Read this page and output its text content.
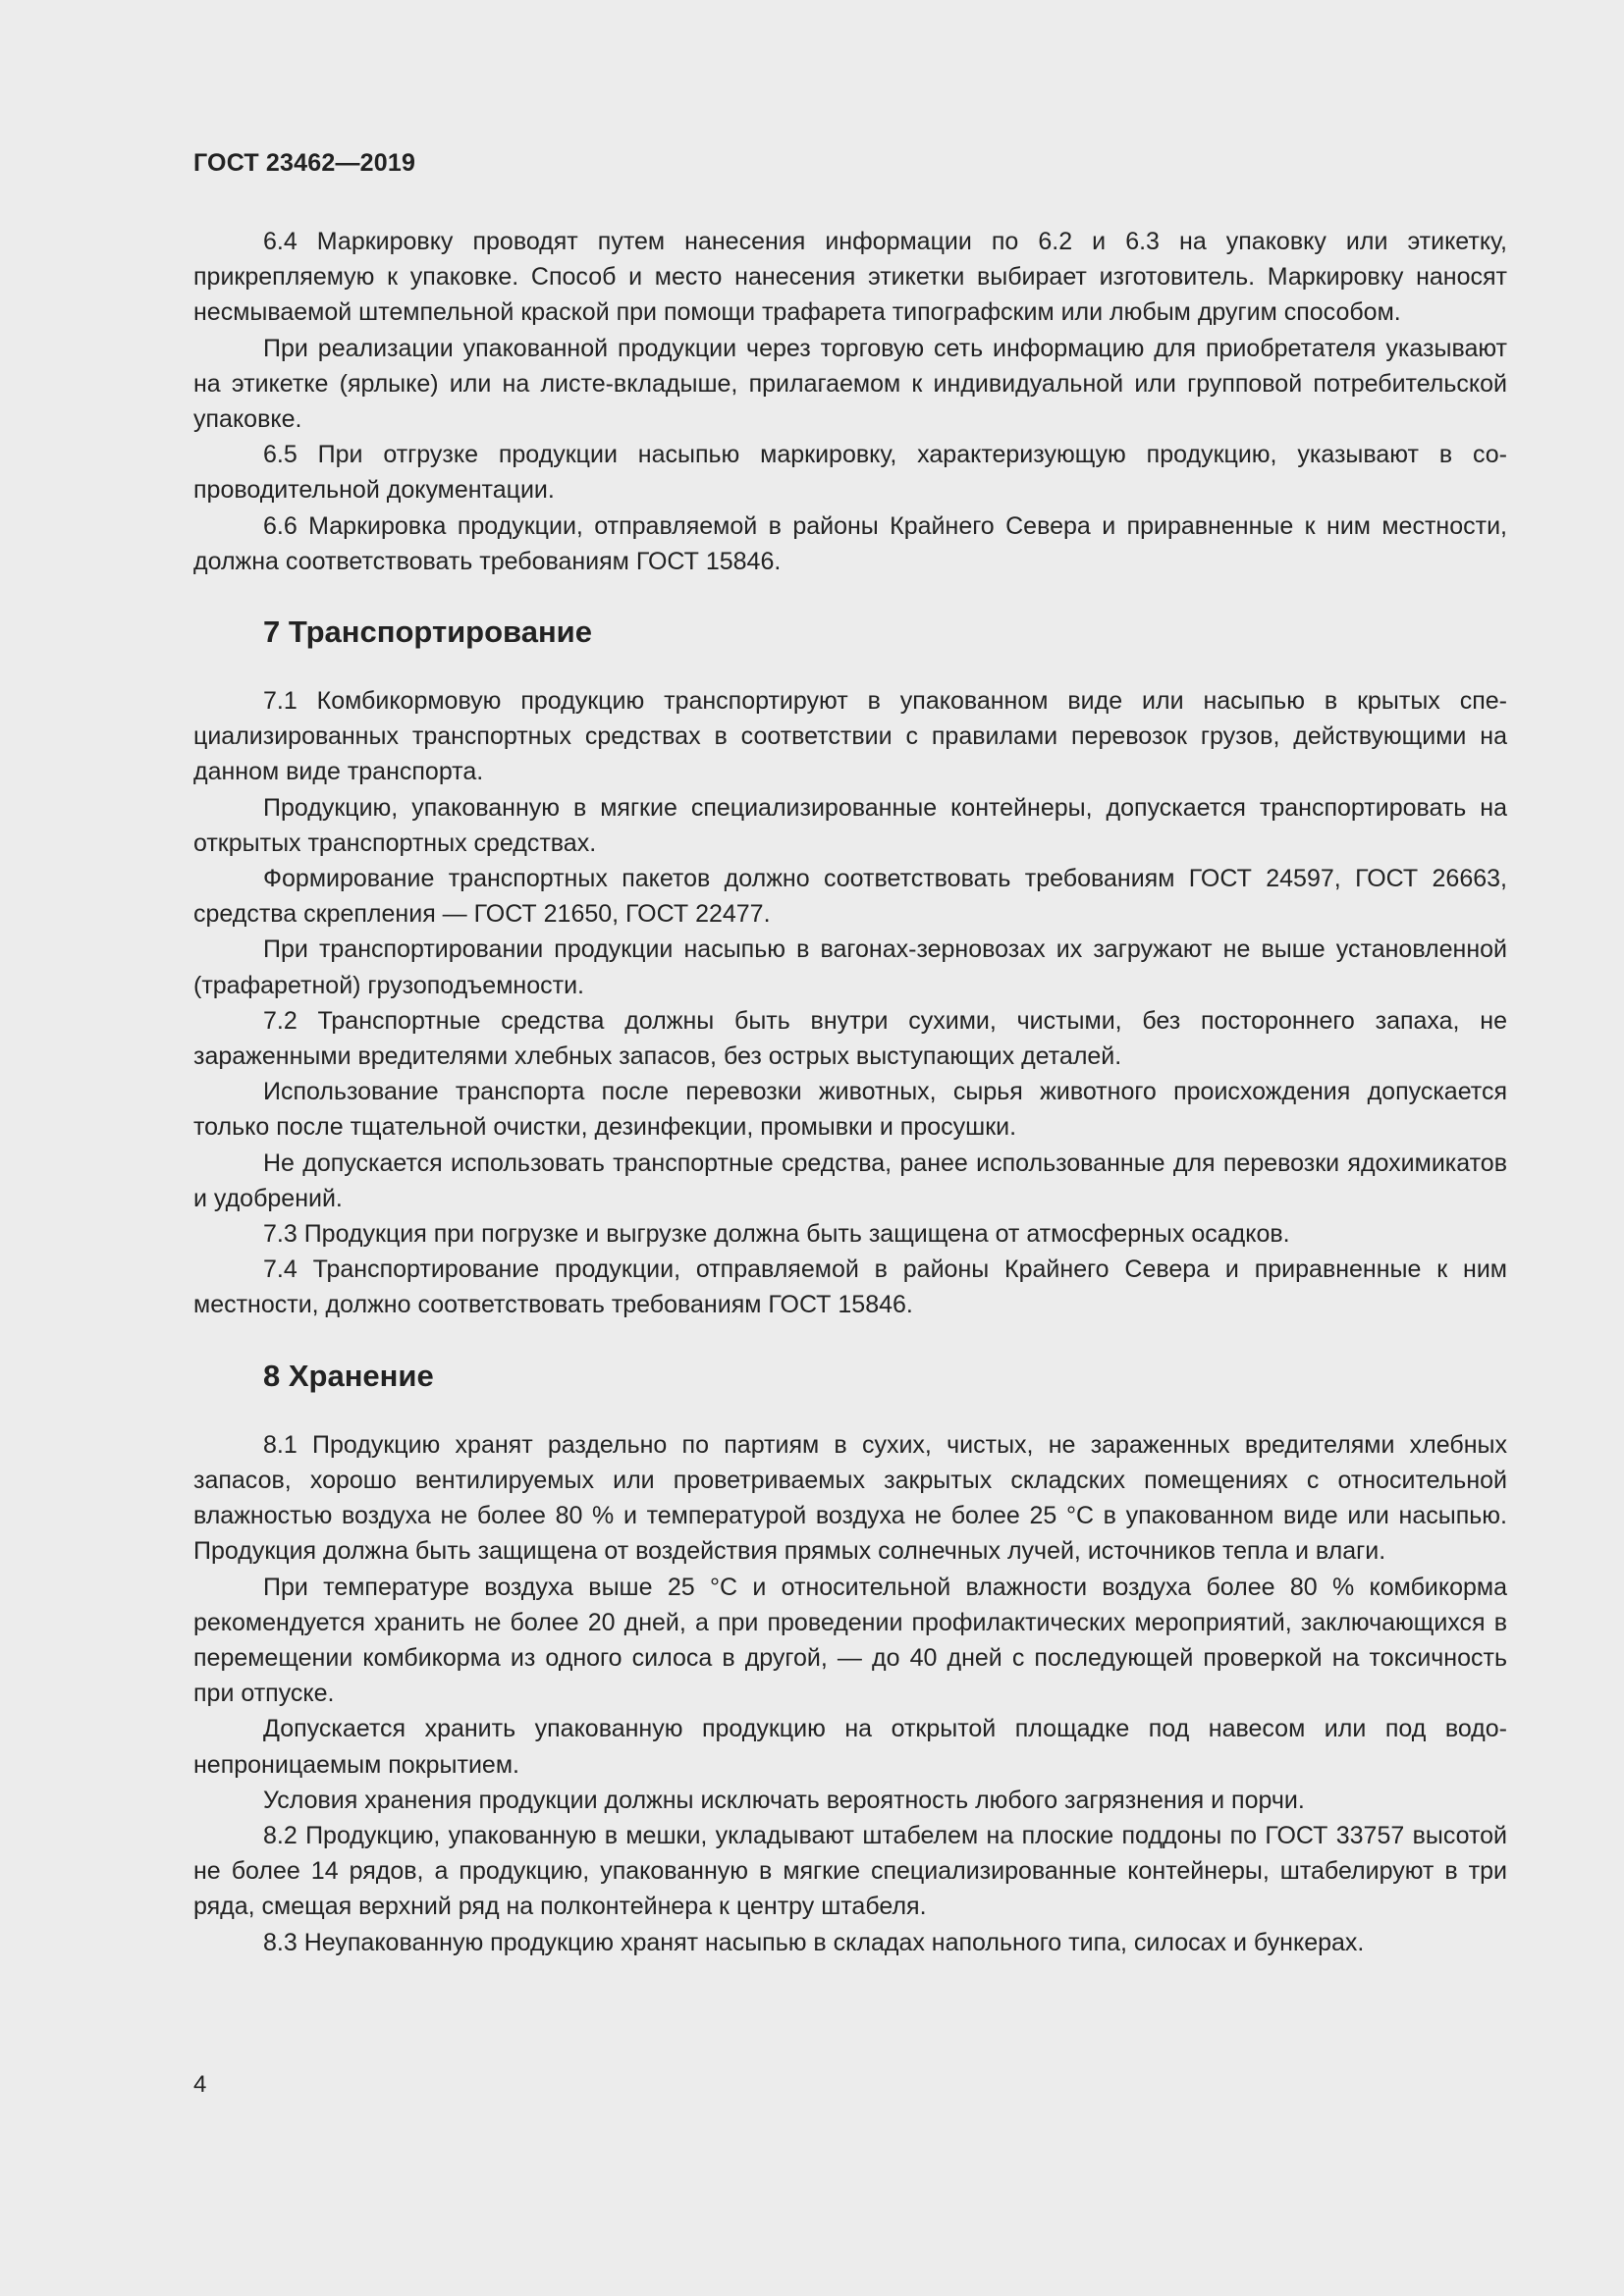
ГОСТ 23462—2019

6.4 Маркировку проводят путем нанесения информации по 6.2 и 6.3 на упаковку или этикетку, прикрепляемую к упаковке. Способ и место нанесения этикетки выбирает изготовитель. Маркировку наносят несмываемой штемпельной краской при помощи трафарета типографским или любым другим способом.

При реализации упакованной продукции через торговую сеть информацию для приобретателя указывают на этикетке (ярлыке) или на листе-вкладыше, прилагаемом к индивидуальной или групповой потребительской упаковке.

6.5 При отгрузке продукции насыпью маркировку, характеризующую продукцию, указывают в сопроводительной документации.

6.6 Маркировка продукции, отправляемой в районы Крайнего Севера и приравненные к ним местности, должна соответствовать требованиям ГОСТ 15846.

7 Транспортирование

7.1 Комбикормовую продукцию транспортируют в упакованном виде или насыпью в крытых специализированных транспортных средствах в соответствии с правилами перевозок грузов, действующими на данном виде транспорта.

Продукцию, упакованную в мягкие специализированные контейнеры, допускается транспортировать на открытых транспортных средствах.

Формирование транспортных пакетов должно соответствовать требованиям ГОСТ 24597, ГОСТ 26663, средства скрепления — ГОСТ 21650, ГОСТ 22477.

При транспортировании продукции насыпью в вагонах-зерновозах их загружают не выше установленной (трафаретной) грузоподъемности.

7.2 Транспортные средства должны быть внутри сухими, чистыми, без постороннего запаха, не зараженными вредителями хлебных запасов, без острых выступающих деталей.

Использование транспорта после перевозки животных, сырья животного происхождения допускается только после тщательной очистки, дезинфекции, промывки и просушки.

Не допускается использовать транспортные средства, ранее использованные для перевозки ядохимикатов и удобрений.

7.3 Продукция при погрузке и выгрузке должна быть защищена от атмосферных осадков.

7.4 Транспортирование продукции, отправляемой в районы Крайнего Севера и приравненные к ним местности, должно соответствовать требованиям ГОСТ 15846.

8 Хранение

8.1 Продукцию хранят раздельно по партиям в сухих, чистых, не зараженных вредителями хлебных запасов, хорошо вентилируемых или проветриваемых закрытых складских помещениях с относительной влажностью воздуха не более 80 % и температурой воздуха не более 25 °С в упакованном виде или насыпью. Продукция должна быть защищена от воздействия прямых солнечных лучей, источников тепла и влаги.

При температуре воздуха выше 25 °С и относительной влажности воздуха более 80 % комбикорма рекомендуется хранить не более 20 дней, а при проведении профилактических мероприятий, заключающихся в перемещении комбикорма из одного силоса в другой, — до 40 дней с последующей проверкой на токсичность при отпуске.

Допускается хранить упакованную продукцию на открытой площадке под навесом или под водонепроницаемым покрытием.

Условия хранения продукции должны исключать вероятность любого загрязнения и порчи.

8.2 Продукцию, упакованную в мешки, укладывают штабелем на плоские поддоны по ГОСТ 33757 высотой не более 14 рядов, а продукцию, упакованную в мягкие специализированные контейнеры, штабелируют в три ряда, смещая верхний ряд на полконтейнера к центру штабеля.

8.3 Неупакованную продукцию хранят насыпью в складах напольного типа, силосах и бункерах.

4
